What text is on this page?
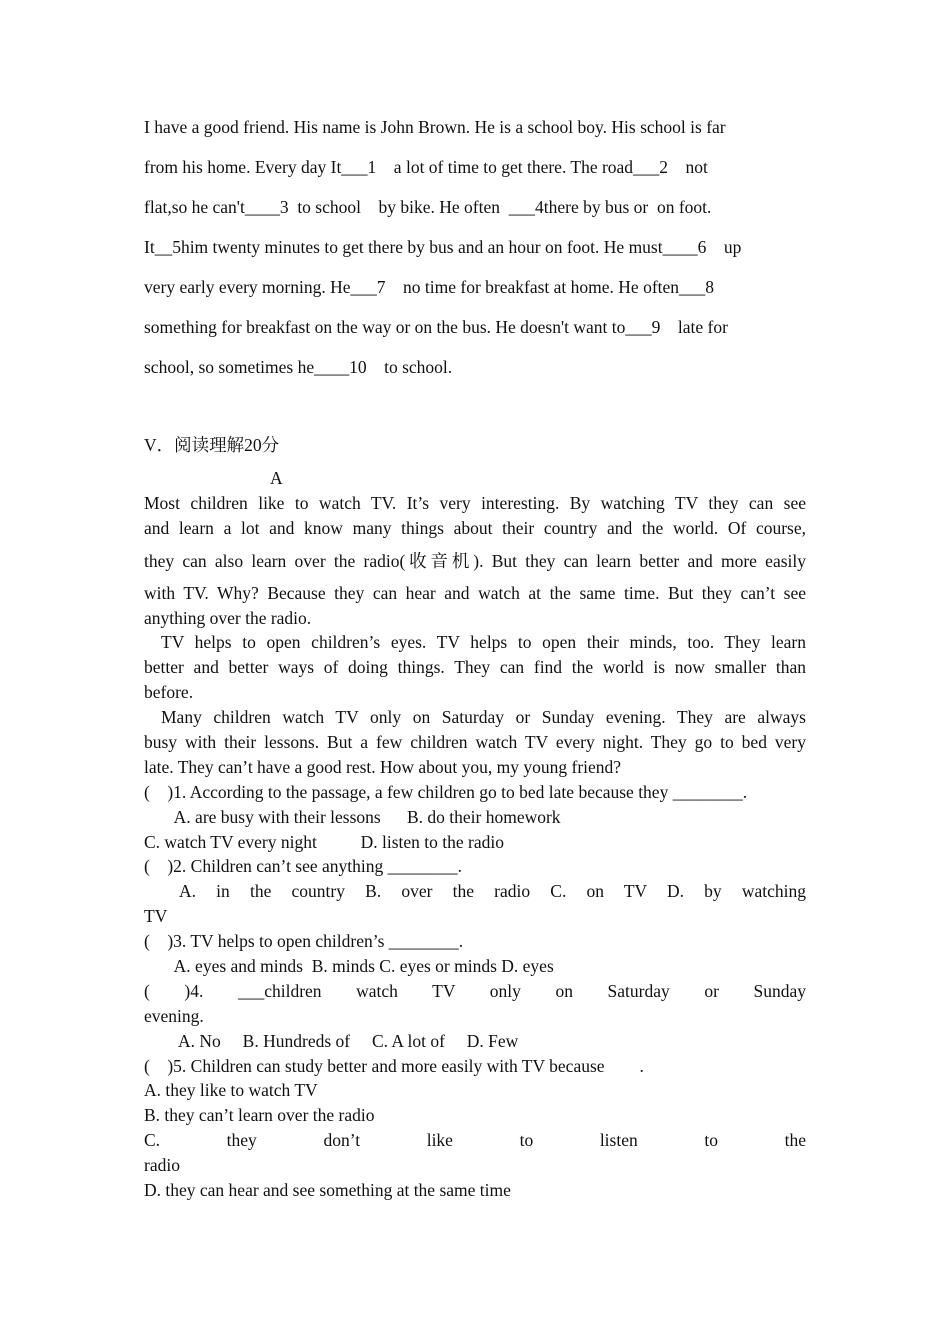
I have a good friend. His name is John Brown. He is a school boy. His school is far
from his home. Every day It___1    a lot of time to get there. The road___2    not
flat,so he can't____3  to school    by bike. He often  ___4there by bus or  on foot.
It__5him twenty minutes to get there by bus and an hour on foot. He must____6    up
very early every morning. He___7    no time for breakfast at home. He often___8
something for breakfast on the way or on the bus. He doesn't want to___9    late for
school, so sometimes he____10    to school.
V．阅读理解20分
A
Most children like to watch TV. It’s very interesting. By watching TV they can see
and learn a lot and know many things about their country and the world. Of course,
they can also learn over the radio(收音机). But they can learn better and more easily
with TV. Why? Because they can hear and watch at the same time. But they can’t see
anything over the radio.
TV helps to open children’s eyes. TV helps to open their minds, too. They learn
better and better ways of doing things. They can find the world is now smaller than
before.
Many children watch TV only on Saturday or Sunday evening. They are always
busy with their lessons. But a few children watch TV every night. They go to bed very
late. They can’t have a good rest. How about you, my young friend?
(    )1. According to the passage, a few children go to bed late because they ________.
A. are busy with their lessons      B. do their homework
C. watch TV every night          D. listen to the radio
(    )2. Children can’t see anything ________.
A. in the country B. over the radio C. on TV D. by watching
TV
(    )3. TV helps to open children’s ________.
A. eyes and minds  B. minds C. eyes or minds D. eyes
( )4. ___children watch TV only on Saturday or Sunday
evening.
A. No     B. Hundreds of     C. A lot of     D. Few
(    )5. Children can study better and more easily with TV because        .
A. they like to watch TV
B. they can’t learn over the radio
C. they don’t like to listen to the
radio
D. they can hear and see something at the same time
